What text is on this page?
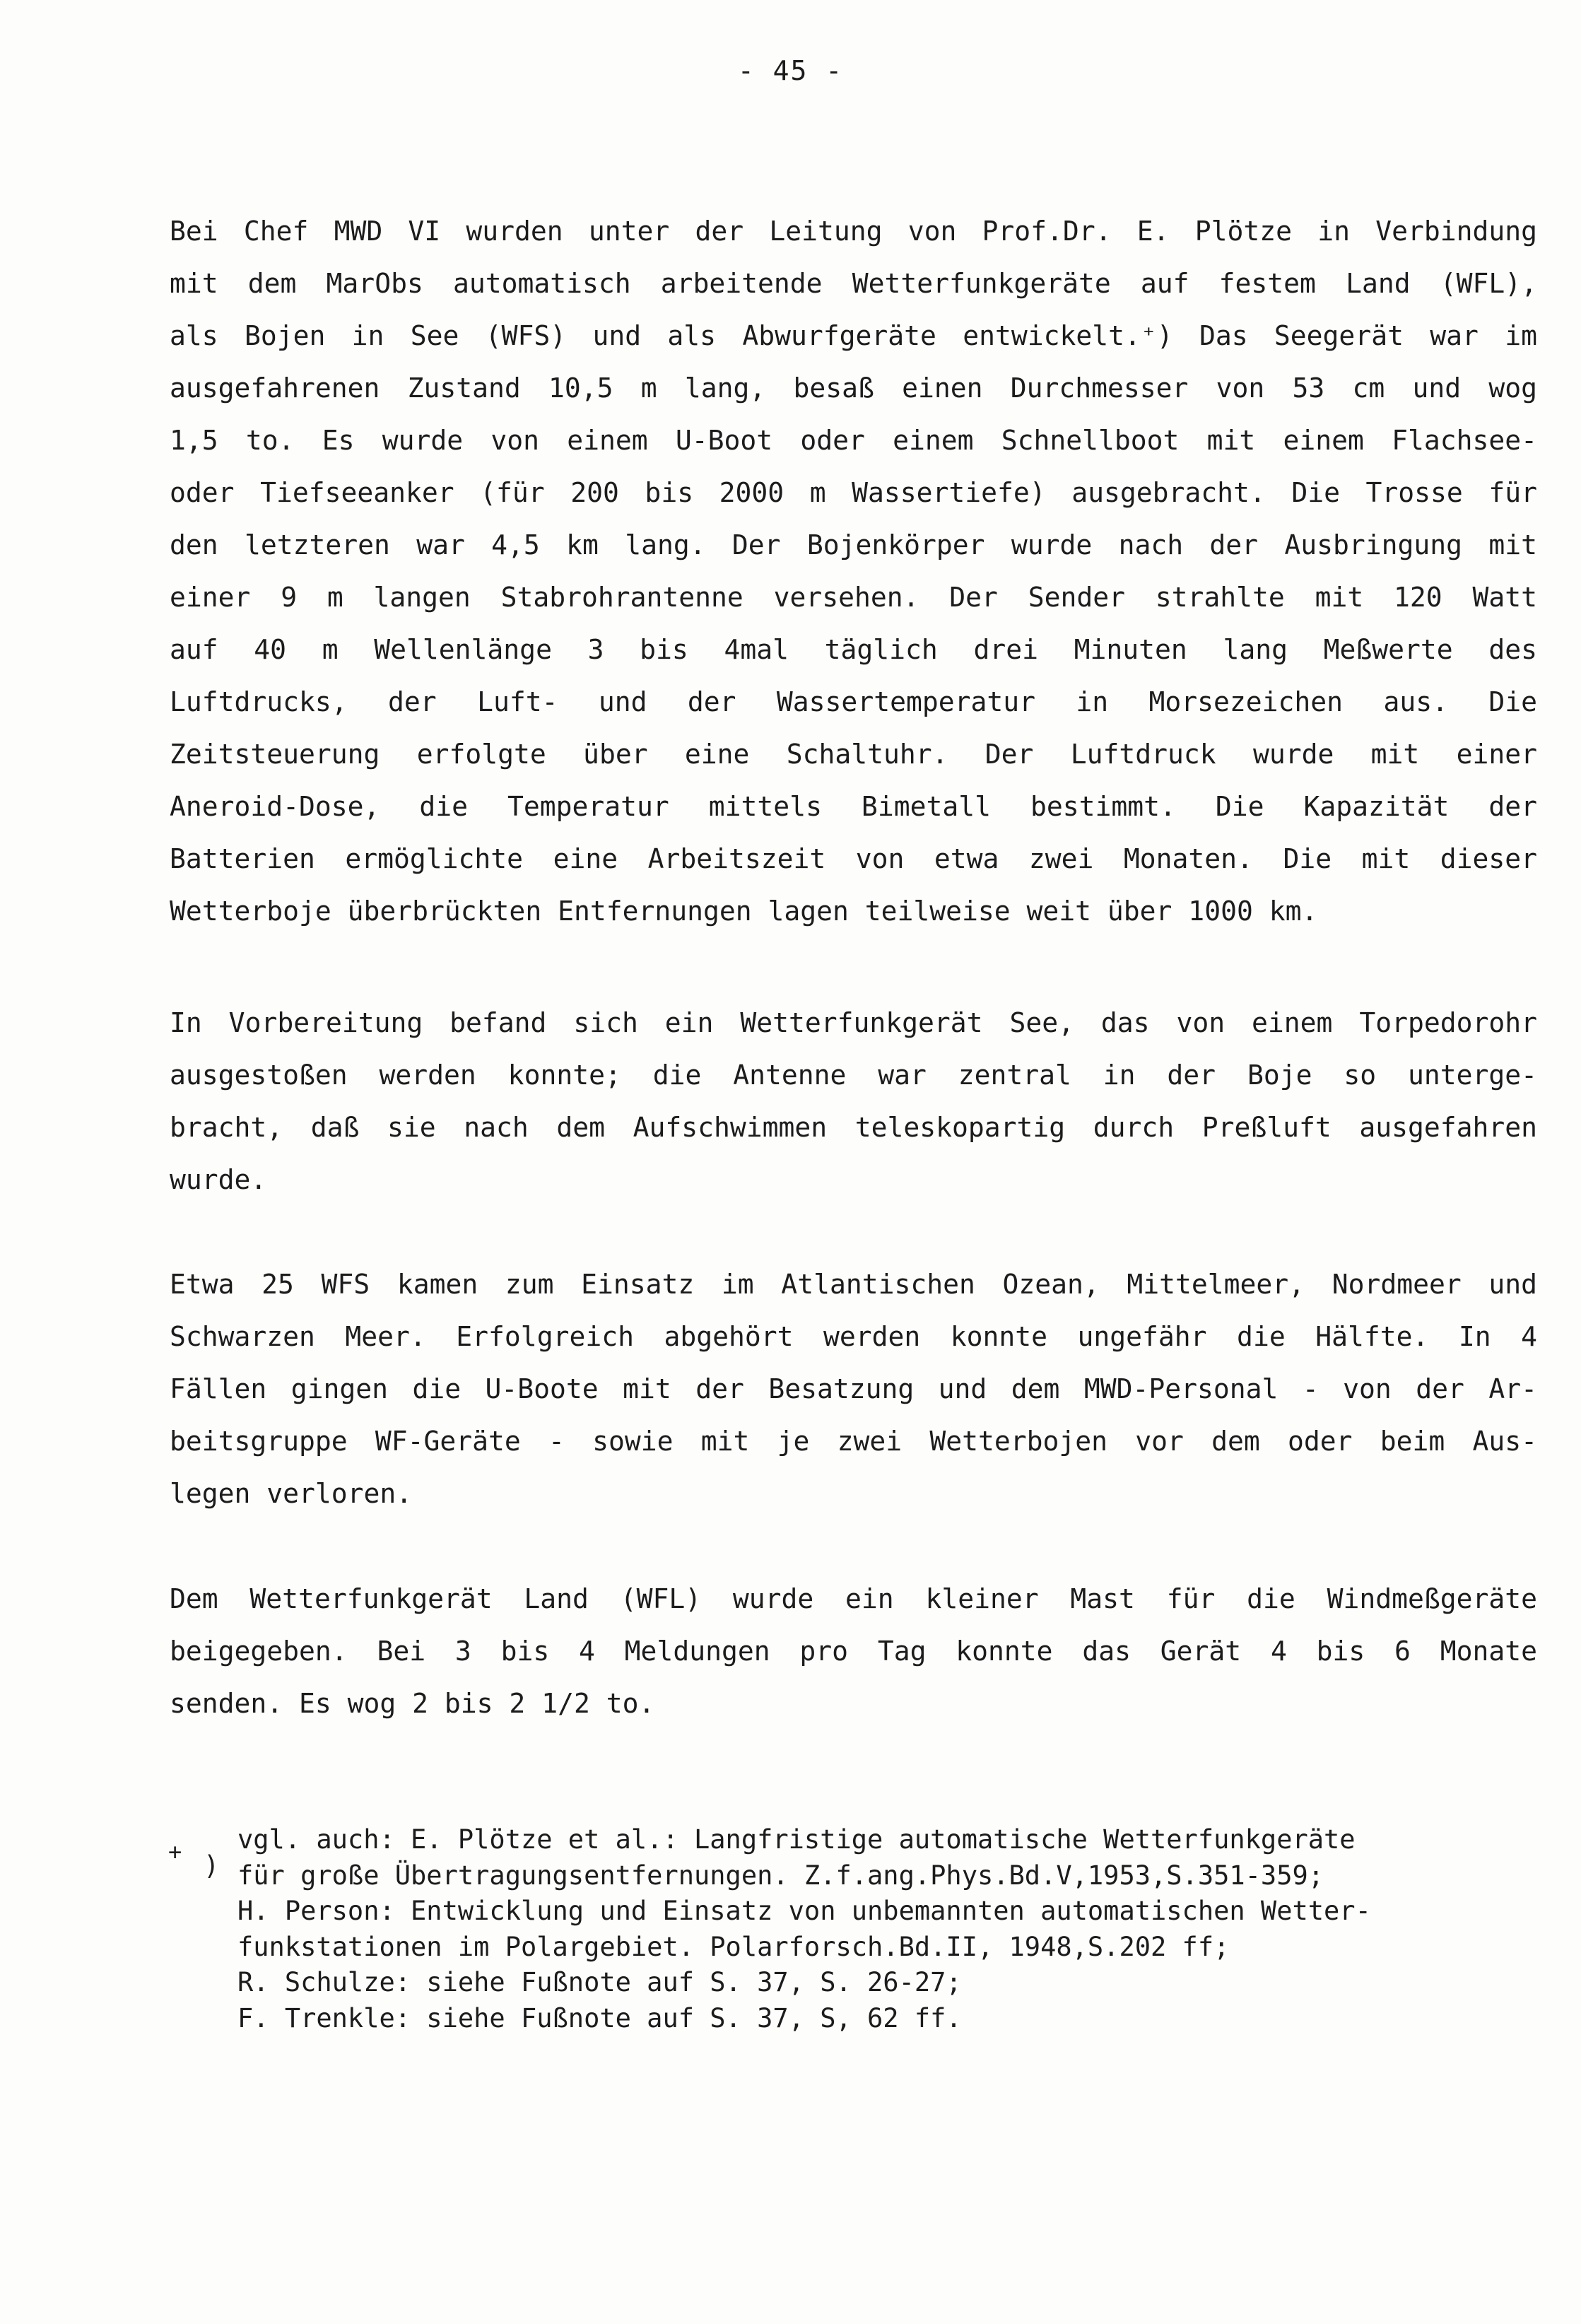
- 45 -
Bei Chef MWD VI wurden unter der Leitung von Prof.Dr. E. Plötze in Verbindung
mit dem MarObs automatisch arbeitende Wetterfunkgeräte auf festem Land (WFL),
als Bojen in See (WFS) und als Abwurfgeräte entwickelt.⁺) Das Seegerät war im
ausgefahrenen Zustand 10,5 m lang, besaß einen Durchmesser von 53 cm und wog
1,5 to. Es wurde von einem U-Boot oder einem Schnellboot mit einem Flachsee-
oder Tiefseeanker (für 200 bis 2000 m Wassertiefe) ausgebracht. Die Trosse für
den letzteren war 4,5 km lang. Der Bojenkörper wurde nach der Ausbringung mit
einer 9 m langen Stabrohrantenne versehen. Der Sender strahlte mit 120 Watt
auf 40 m Wellenlänge 3 bis 4mal täglich drei Minuten lang Meßwerte des
Luftdrucks, der Luft- und der Wassertemperatur in Morsezeichen aus. Die
Zeitsteuerung erfolgte über eine Schaltuhr. Der Luftdruck wurde mit einer
Aneroid-Dose, die Temperatur mittels Bimetall bestimmt. Die Kapazität der
Batterien ermöglichte eine Arbeitszeit von etwa zwei Monaten. Die mit dieser
Wetterboje überbrückten Entfernungen lagen teilweise weit über 1000 km.
In Vorbereitung befand sich ein Wetterfunkgerät See, das von einem Torpedorohr
ausgestoßen werden konnte; die Antenne war zentral in der Boje so unterge-
bracht, daß sie nach dem Aufschwimmen teleskopartig durch Preßluft ausgefahren
wurde.
Etwa 25 WFS kamen zum Einsatz im Atlantischen Ozean, Mittelmeer, Nordmeer und
Schwarzen Meer. Erfolgreich abgehört werden konnte ungefähr die Hälfte. In 4
Fällen gingen die U-Boote mit der Besatzung und dem MWD-Personal - von der Ar-
beitsgruppe WF-Geräte - sowie mit je zwei Wetterbojen vor dem oder beim Aus-
legen verloren.
Dem Wetterfunkgerät Land (WFL) wurde ein kleiner Mast für die Windmeßgeräte
beigegeben. Bei 3 bis 4 Meldungen pro Tag konnte das Gerät 4 bis 6 Monate
senden. Es wog 2 bis 2 1/2 to.
+ )
vgl. auch: E. Plötze et al.: Langfristige automatische Wetterfunkgeräte
für große Übertragungsentfernungen. Z.f.ang.Phys.Bd.V,1953,S.351-359;
H. Person: Entwicklung und Einsatz von unbemannten automatischen Wetter-
funkstationen im Polargebiet. Polarforsch.Bd.II, 1948,S.202 ff;
R. Schulze: siehe Fußnote auf S. 37, S. 26-27;
F. Trenkle: siehe Fußnote auf S. 37, S, 62 ff.
